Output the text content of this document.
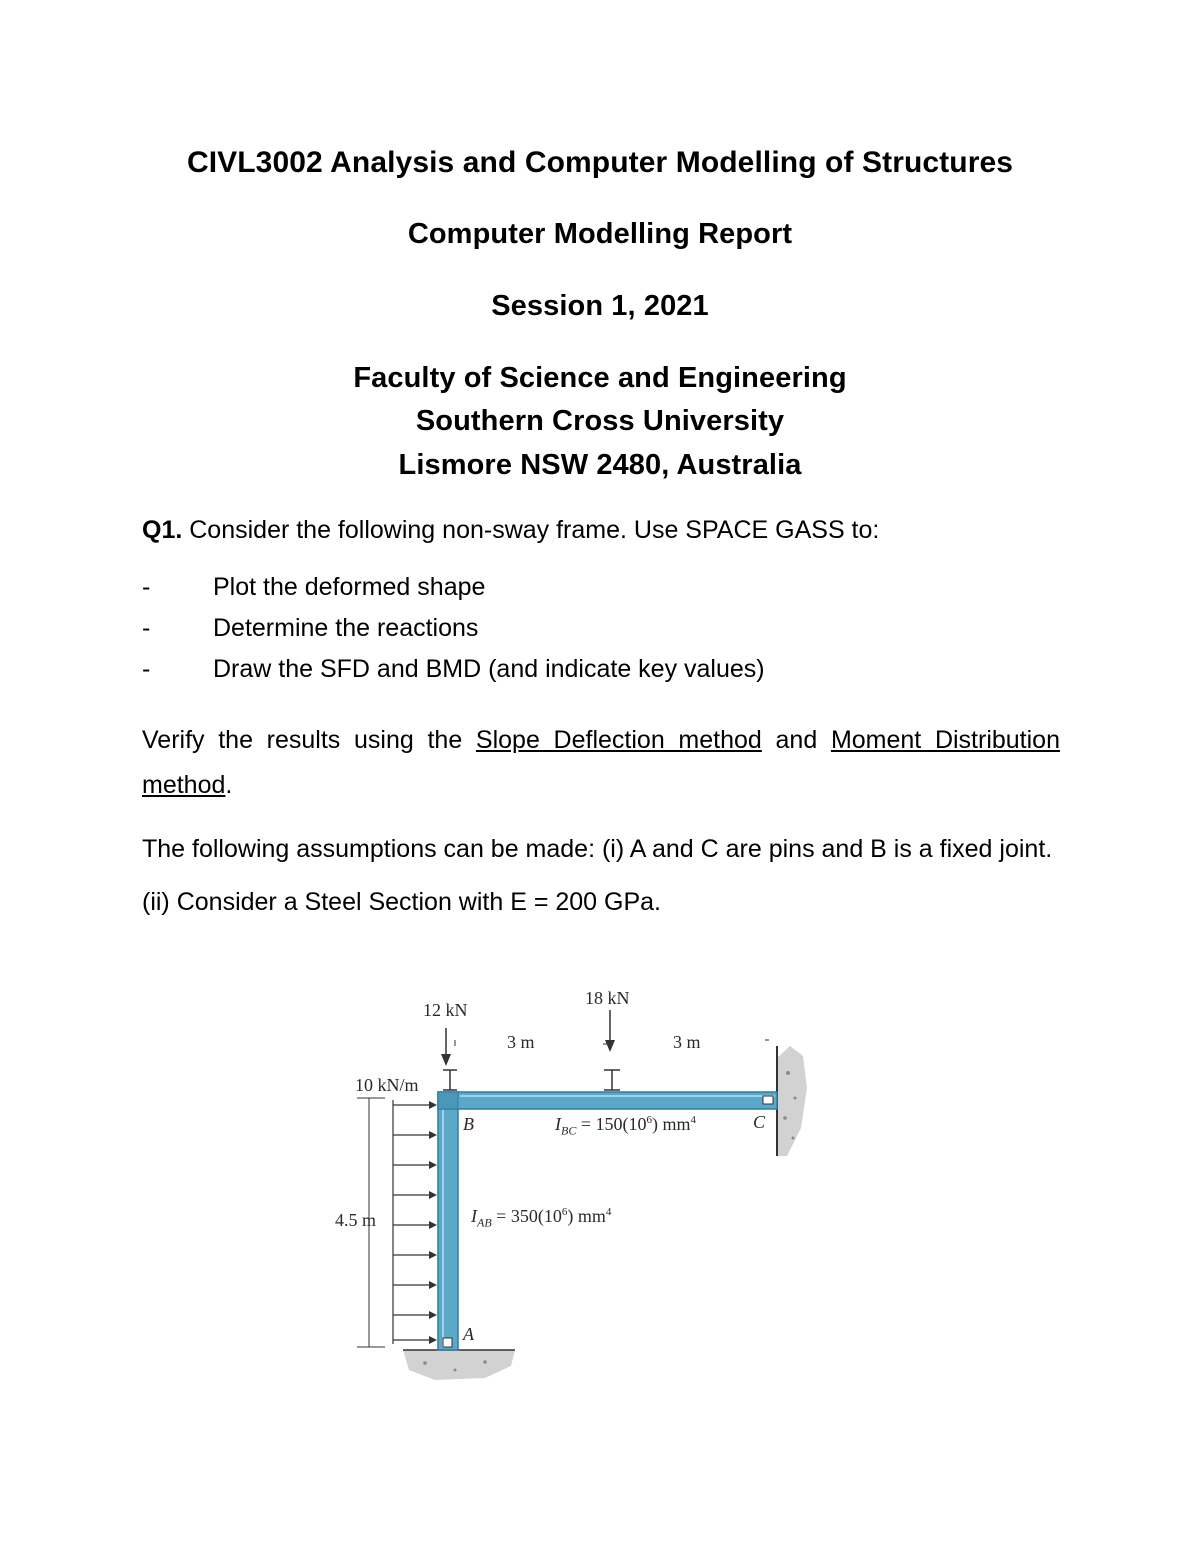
CIVL3002 Analysis and Computer Modelling of Structures
Computer Modelling Report
Session 1, 2021
Faculty of Science and Engineering
Southern Cross University
Lismore NSW 2480, Australia

Q1. Consider the following non-sway frame. Use SPACE GASS to:

-	Plot the deformed shape
-	Determine the reactions
-	Draw the SFD and BMD (and indicate key values)

Verify the results using the Slope Deflection method and Moment Distribution method.

The following assumptions can be made: (i) A and C are pins and B is a fixed joint. (ii) Consider a Steel Section with E = 200 GPa.

12 kN
18 kN
3 m	3 m
10 kN/m
4.5 m
B	C
A
$I_{BC} = 150(10^6)$ $mm^4$
$I_{AB} = 350(10^6)$ $mm^4$
